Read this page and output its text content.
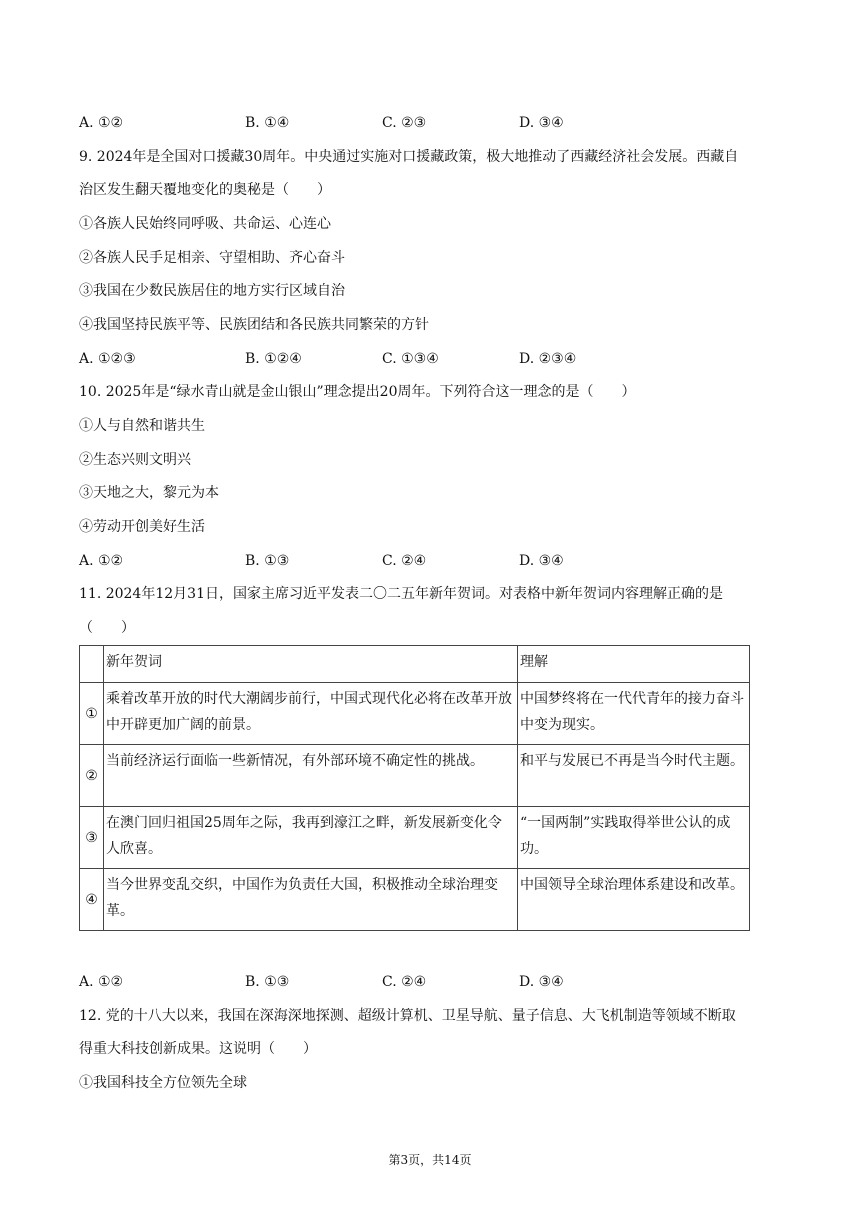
A. ①②	B. ①④	C. ②③	D. ③④
9. 2024年是全国对口援藏30周年。中央通过实施对口援藏政策，极大地推动了西藏经济社会发展。西藏自
治区发生翻天覆地变化的奥秘是（　　）
①各族人民始终同呼吸、共命运、心连心
②各族人民手足相亲、守望相助、齐心奋斗
③我国在少数民族居住的地方实行区域自治
④我国坚持民族平等、民族团结和各民族共同繁荣的方针
A. ①②③	B. ①②④	C. ①③④	D. ②③④
10. 2025年是“绿水青山就是金山银山”理念提出20周年。下列符合这一理念的是（　　）
①人与自然和谐共生
②生态兴则文明兴
③天地之大，黎元为本
④劳动开创美好生活
A. ①②	B. ①③	C. ②④	D. ③④
11. 2024年12月31日，国家主席习近平发表二〇二五年新年贺词。对表格中新年贺词内容理解正确的是
（　　）
	新年贺词	理解
①	乘着改革开放的时代大潮阔步前行，中国式现代化必将在改革开放中开辟更加广阔的前景。	中国梦终将在一代代青年的接力奋斗中变为现实。
②	当前经济运行面临一些新情况，有外部环境不确定性的挑战。	和平与发展已不再是当今时代主题。
③	在澳门回归祖国25周年之际，我再到濠江之畔，新发展新变化令人欣喜。	“一国两制”实践取得举世公认的成功。
④	当今世界变乱交织，中国作为负责任大国，积极推动全球治理变革。	中国领导全球治理体系建设和改革。
A. ①②	B. ①③	C. ②④	D. ③④
12. 党的十八大以来，我国在深海深地探测、超级计算机、卫星导航、量子信息、大飞机制造等领域不断取
得重大科技创新成果。这说明（　　）
①我国科技全方位领先全球
第3页，共14页
